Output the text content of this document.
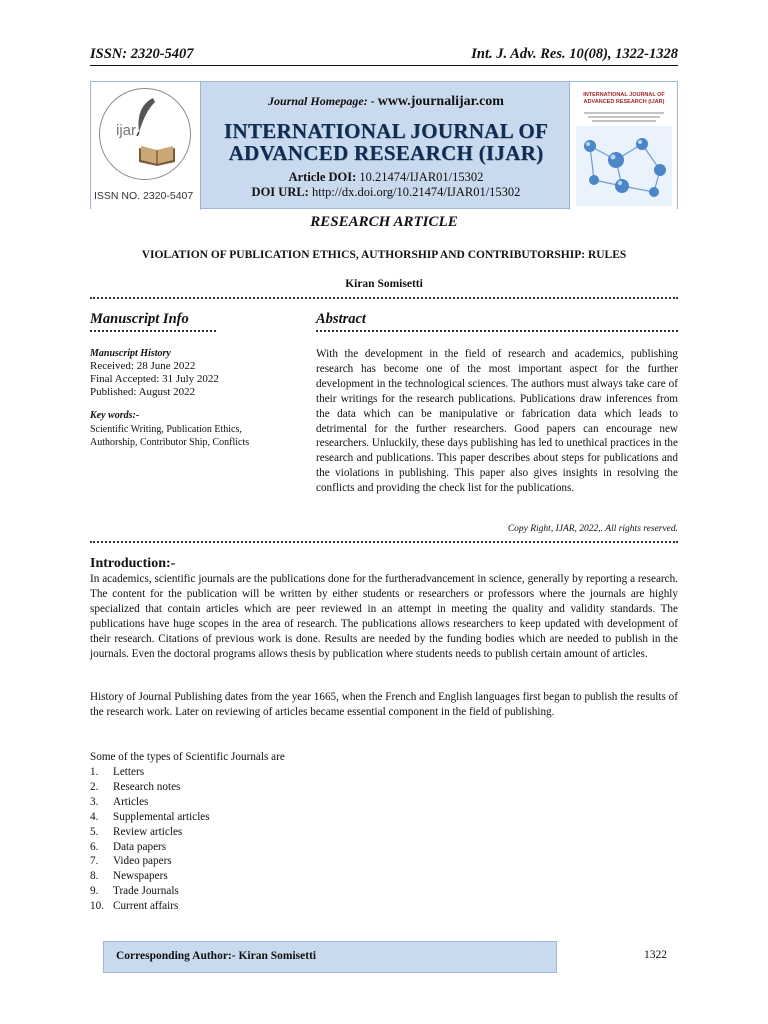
ISSN: 2320-5407	Int. J. Adv. Res. 10(08), 1322-1328
ijar
ISSN NO. 2320-5407
Journal Homepage: - www.journalijar.com
INTERNATIONAL JOURNAL OF
ADVANCED RESEARCH (IJAR)
Article DOI: 10.21474/IJAR01/15302
DOI URL: http://dx.doi.org/10.21474/IJAR01/15302
INTERNATIONAL JOURNAL OF ADVANCED RESEARCH (IJAR)
RESEARCH ARTICLE
VIOLATION OF PUBLICATION ETHICS, AUTHORSHIP AND CONTRIBUTORSHIP: RULES
Kiran Somisetti
Manuscript Info	Abstract
Manuscript History
Received: 28 June 2022
Final Accepted: 31 July 2022
Published: August 2022
Key words:-
Scientific Writing, Publication Ethics, Authorship, Contributor Ship, Conflicts
With the development in the field of research and academics, publishing research has become one of the most important aspect for the further development in the technological sciences. The authors must always take care of their writings for the research publications. Publications draw inferences from the data which can be manipulative or fabrication data which leads to detrimental for the further researchers. Good papers can encourage new researchers. Unluckily, these days publishing has led to unethical practices in the research and publications. This paper describes about steps for publications and the violations in publishing. This paper also gives insights in resolving the conflicts and providing the check list for the publications.
Copy Right, IJAR, 2022,. All rights reserved.
Introduction:-
In academics, scientific journals are the publications done for the furtheradvancement in science, generally by reporting a research. The content for the publication will be written by either students or researchers or professors where the journals are highly specialized that contain articles which are peer reviewed in an attempt in meeting the quality and validity standards. The publications have huge scopes in the area of research. The publications allows researchers to keep updated with development of their research. Citations of previous work is done. Results are needed by the funding bodies which are needed to publish in the journals. Even the doctoral programs allows thesis by publication where students needs to publish certain amount of articles.
History of Journal Publishing dates from the year 1665, when the French and English languages first began to publish the results of the research work. Later on reviewing of articles became essential component in the field of publishing.
Some of the types of Scientific Journals are
1.	Letters
2.	Research notes
3.	Articles
4.	Supplemental articles
5.	Review articles
6.	Data papers
7.	Video papers
8.	Newspapers
9.	Trade Journals
10. Current affairs
Corresponding Author:- Kiran Somisetti	1322
